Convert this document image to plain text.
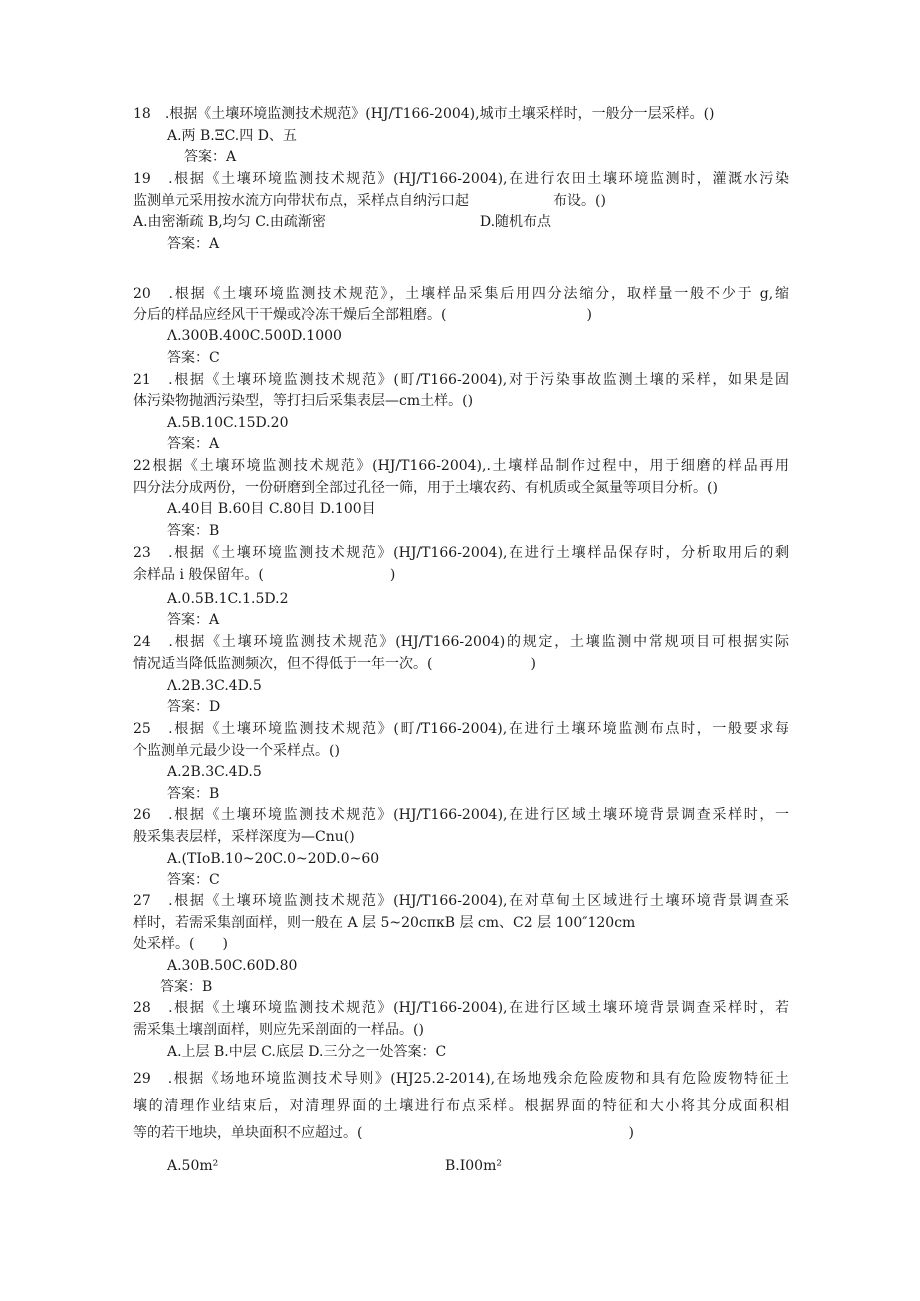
18　.根据《土壤环境监测技术规范》(HJ/T166-2004),城市土壤采样时，一般分一层采样。()
A.两 B.ΞC.四 D、五
答案：A
19　.根据《土壤环境监测技术规范》(HJ/T166-2004),在进行农田土壤环境监测时，灌溉水污染
监测单元采用按水流方向带状布点，采样点自纳污口起　　　　　　布设。()
A.由密渐疏 B,均匀 C.由疏渐密　　　　　　　　　　　D.随机布点
答案：A
20　.根据《土壤环境监测技术规范》，土壤样品采集后用四分法缩分，取样量一般不少于 g,缩
分后的样品应经风干干燥或冷冻干燥后全部粗磨。(　　　　　　　　　　)
Λ.300B.400C.500D.1000
答案：C
21　.根据《土壤环境监测技术规范》(町/T166-2004),对于污染事故监测土壤的采样，如果是固
体污染物抛洒污染型，等打扫后采集表层—cm土样。()
A.5B.10C.15D.20
答案：A
22根据《土壤环境监测技术规范》(HJ/T166-2004),.土壤样品制作过程中，用于细磨的样品再用
四分法分成两份，一份研磨到全部过孔径一筛，用于土壤农药、有机质或全氮量等项目分析。()
A.40目 B.60目 C.80目 D.100目
答案：B
23　.根据《土壤环境监测技术规范》(HJ/T166-2004),在进行土壤样品保存时，分析取用后的剩
余样品 i 般保留年。(　　　　　　　　　)
A.0.5B.1C.1.5D.2
答案：A
24　.根据《土壤环境监测技术规范》(HJ/T166-2004)的规定，土壤监测中常规项目可根据实际
情况适当降低监测频次，但不得低于一年一次。(　　　　　　　)
Λ.2B.3C.4D.5
答案：D
25　.根据《土壤环境监测技术规范》(町/T166-2004),在进行土壤环境监测布点时，一般要求每
个监测单元最少设一个采样点。()
A.2B.3C.4D.5
答案：B
26　.根据《土壤环境监测技术规范》(HJ/T166-2004),在进行区域土壤环境背景调查采样时，一
般采集表层样，采样深度为—Cnu()
A.(TIoB.10~20C.0~20D.0~60
答案：C
27　.根据《土壤环境监测技术规范》(HJ/T166-2004),在对草甸土区域进行土壤环境背景调查采
样时，若需采集剖面样，则一般在 A 层 5~20cπκB 层 cm、C2 层 100″120cm
处采样。(　　)
A.30B.50C.60D.80
答案：B
28　.根据《土壤环境监测技术规范》(HJ/T166-2004),在进行区域土壤环境背景调查采样时，若
需采集土壤剖面样，则应先采剖面的一样品。()
A.上层 B.中层 C.底层 D.三分之一处答案：C
29　.根据《场地环境监测技术导则》(HJ25.2-2014),在场地残余危险废物和具有危险废物特征土
壤的清理作业结束后，对清理界面的土壤进行布点采样。根据界面的特征和大小将其分成面积相
等的若干地块，单块面积不应超过。(　　　　　　　　　　　　　　　　　　　)
A.50m²	B.I00m²
